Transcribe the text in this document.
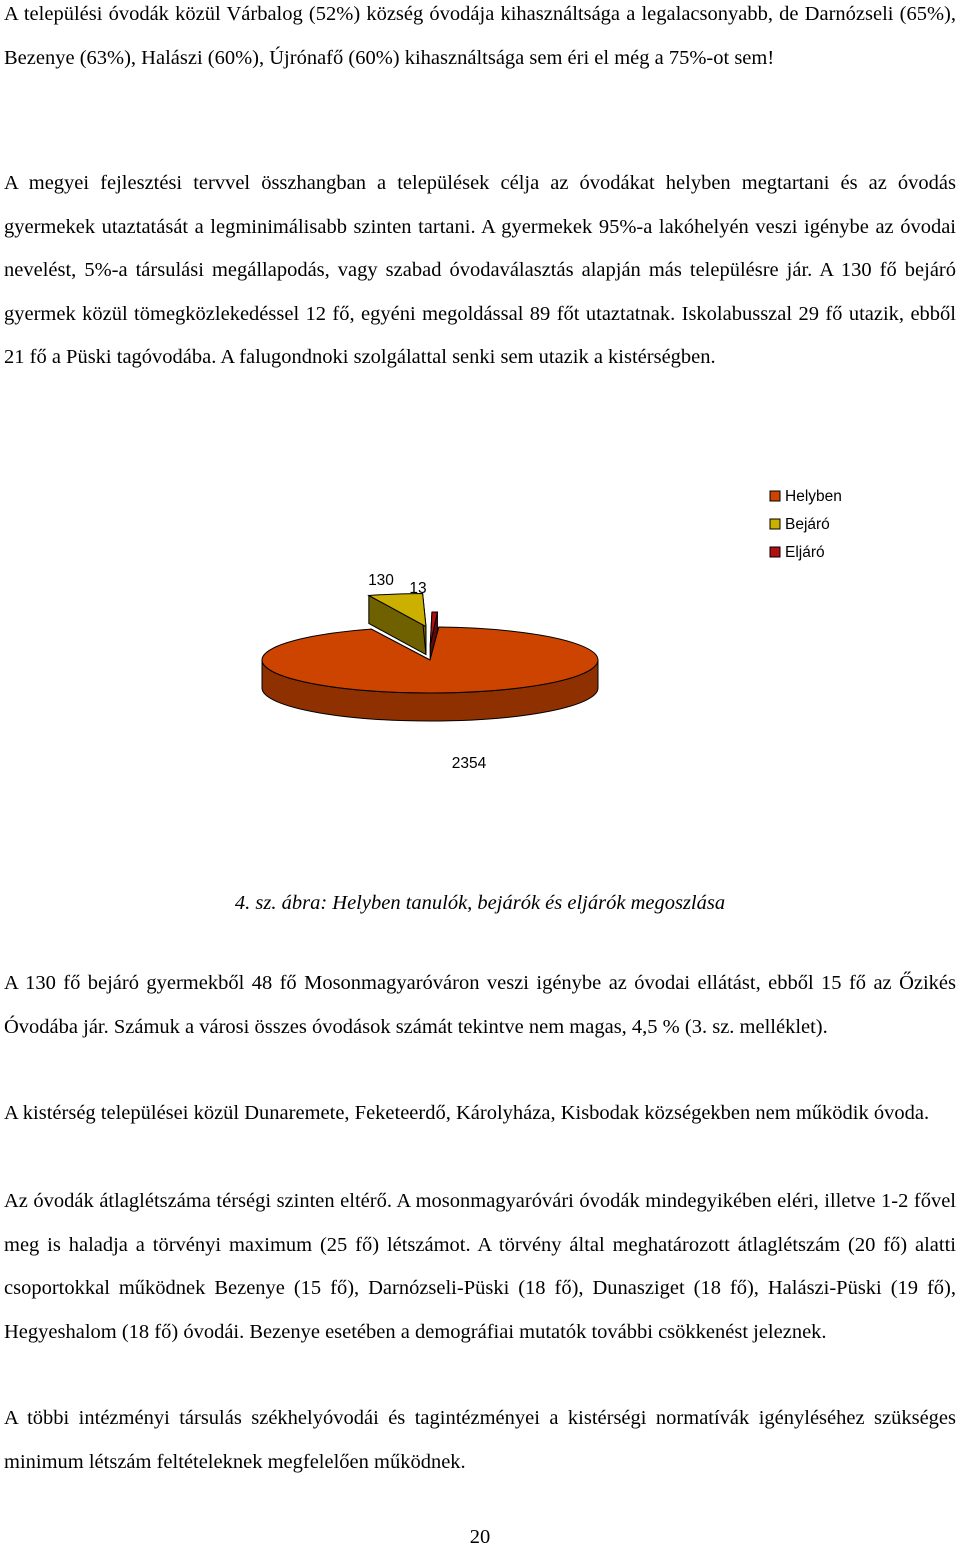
A települési óvodák közül Várbalog (52%) község óvodája kihasználtsága a legalacsonyabb, de Darnózseli (65%), Bezenye (63%), Halászi (60%), Újrónafő (60%) kihasználtsága sem éri el még a 75%-ot sem!

A megyei fejlesztési tervvel összhangban a települések célja az óvodákat helyben megtartani és az óvodás gyermekek utaztatását a legminimálisabb szinten tartani. A gyermekek 95%-a lakóhelyén veszi igénybe az óvodai nevelést, 5%-a társulási megállapodás, vagy szabad óvodaválasztás alapján más településre jár. A 130 fő bejáró gyermek közül tömegközlekedéssel 12 fő, egyéni megoldással 89 főt utaztatnak. Iskolabusszal 29 fő utazik, ebből 21 fő a Püski tagóvodába. A falugondnoki szolgálattal senki sem utazik a kistérségben.

Helyben
Bejáró
Eljáró
2354
130 13
4. sz. ábra: Helyben tanulók, bejárók és eljárók megoszlása

A 130 fő bejáró gyermekből 48 fő Mosonmagyaróváron veszi igénybe az óvodai ellátást, ebből 15 fő az Őzikés Óvodába jár. Számuk a városi összes óvodások számát tekintve nem magas, 4,5 % (3. sz. melléklet).

A kistérség települései közül Dunaremete, Feketeerdő, Károlyháza, Kisbodak községekben nem működik óvoda.

Az óvodák átlaglétszáma térségi szinten eltérő. A mosonmagyaróvári óvodák mindegyikében eléri, illetve 1-2 fővel meg is haladja a törvényi maximum (25 fő) létszámot. A törvény által meghatározott átlaglétszám (20 fő) alatti csoportokkal működnek Bezenye (15 fő), Darnózseli-Püski (18 fő), Dunasziget (18 fő), Halászi-Püski (19 fő), Hegyeshalom (18 fő) óvodái. Bezenye esetében a demográfiai mutatók további csökkenést jeleznek.

A többi intézményi társulás székhelyóvodái és tagintézményei a kistérségi normatívák igényléséhez szükséges minimum létszám feltételeknek megfelelően működnek.

20
